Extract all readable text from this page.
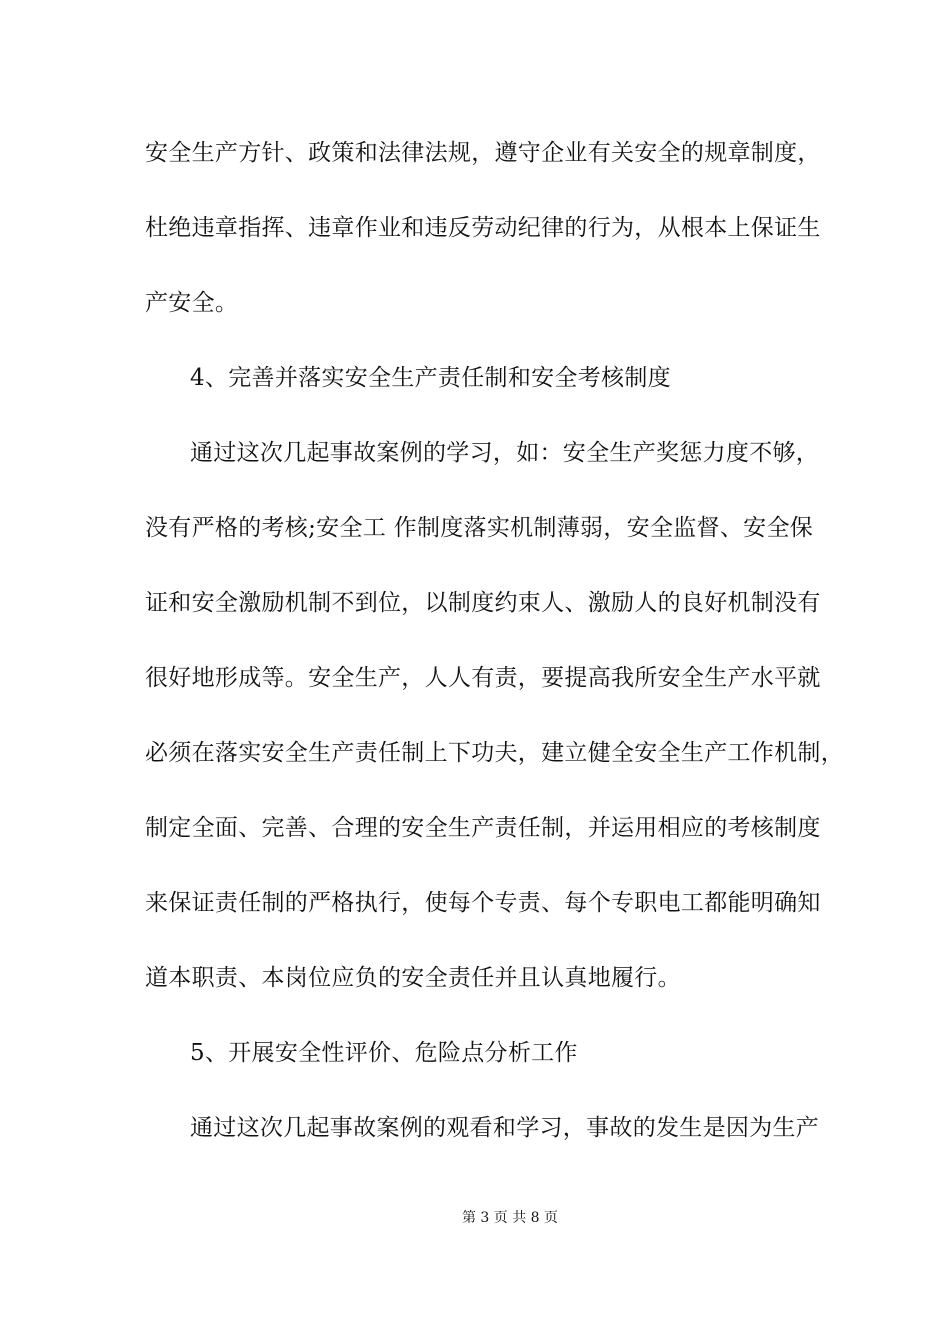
安全生产方针、政策和法律法规，遵守企业有关安全的规章制度，
杜绝违章指挥、违章作业和违反劳动纪律的行为，从根本上保证生
产安全。
4、完善并落实安全生产责任制和安全考核制度
通过这次几起事故案例的学习，如：安全生产奖惩力度不够，
没有严格的考核;安全工 作制度落实机制薄弱，安全监督、安全保
证和安全激励机制不到位，以制度约束人、激励人的良好机制没有
很好地形成等。安全生产，人人有责，要提高我所安全生产水平就
必须在落实安全生产责任制上下功夫，建立健全安全生产工作机制，
制定全面、完善、合理的安全生产责任制，并运用相应的考核制度
来保证责任制的严格执行，使每个专责、每个专职电工都能明确知
道本职责、本岗位应负的安全责任并且认真地履行。
5、开展安全性评价、危险点分析工作
通过这次几起事故案例的观看和学习，事故的发生是因为生产
第 3 页 共 8 页
